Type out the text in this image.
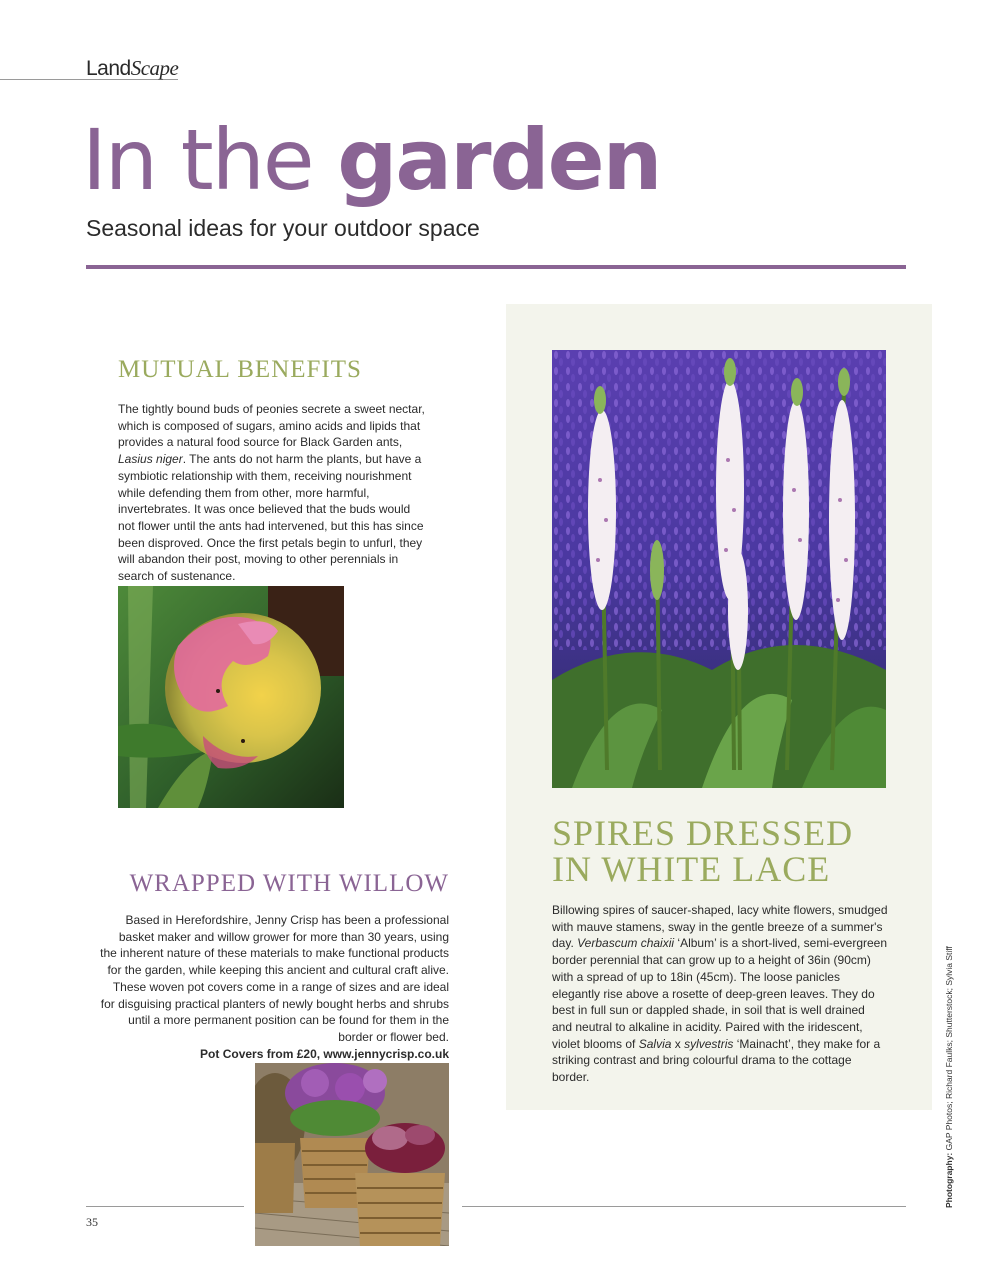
LandScape
In the garden
Seasonal ideas for your outdoor space
MUTUAL BENEFITS
The tightly bound buds of peonies secrete a sweet nectar, which is composed of sugars, amino acids and lipids that provides a natural food source for Black Garden ants, Lasius niger. The ants do not harm the plants, but have a symbiotic relationship with them, receiving nourishment while defending them from other, more harmful, invertebrates. It was once believed that the buds would not flower until the ants had intervened, but this has since been disproved. Once the first petals begin to unfurl, they will abandon their post, moving to other perennials in search of sustenance.
WRAPPED WITH WILLOW
Based in Herefordshire, Jenny Crisp has been a professional basket maker and willow grower for more than 30 years, using the inherent nature of these materials to make functional products for the garden, while keeping this ancient and cultural craft alive. These woven pot covers come in a range of sizes and are ideal for disguising practical planters of newly bought herbs and shrubs until a more permanent position can be found for them in the border or flower bed.
Pot Covers from £20, www.jennycrisp.co.uk
SPIRES DRESSED
IN WHITE LACE
Billowing spires of saucer-shaped, lacy white flowers, smudged with mauve stamens, sway in the gentle breeze of a summer's day. Verbascum chaixii ‘Album’ is a short-lived, semi-evergreen border perennial that can grow up to a height of 36in (90cm) with a spread of up to 18in (45cm). The loose panicles elegantly rise above a rosette of deep-green leaves. They do best in full sun or dappled shade, in soil that is well drained and neutral to alkaline in acidity. Paired with the iridescent, violet blooms of Salvia x sylvestris ‘Mainacht’, they make for a striking contrast and bring colourful drama to the cottage border.
35
Photography: GAP Photos; Richard Faulks; Shutterstock; Sylvia Stiff
